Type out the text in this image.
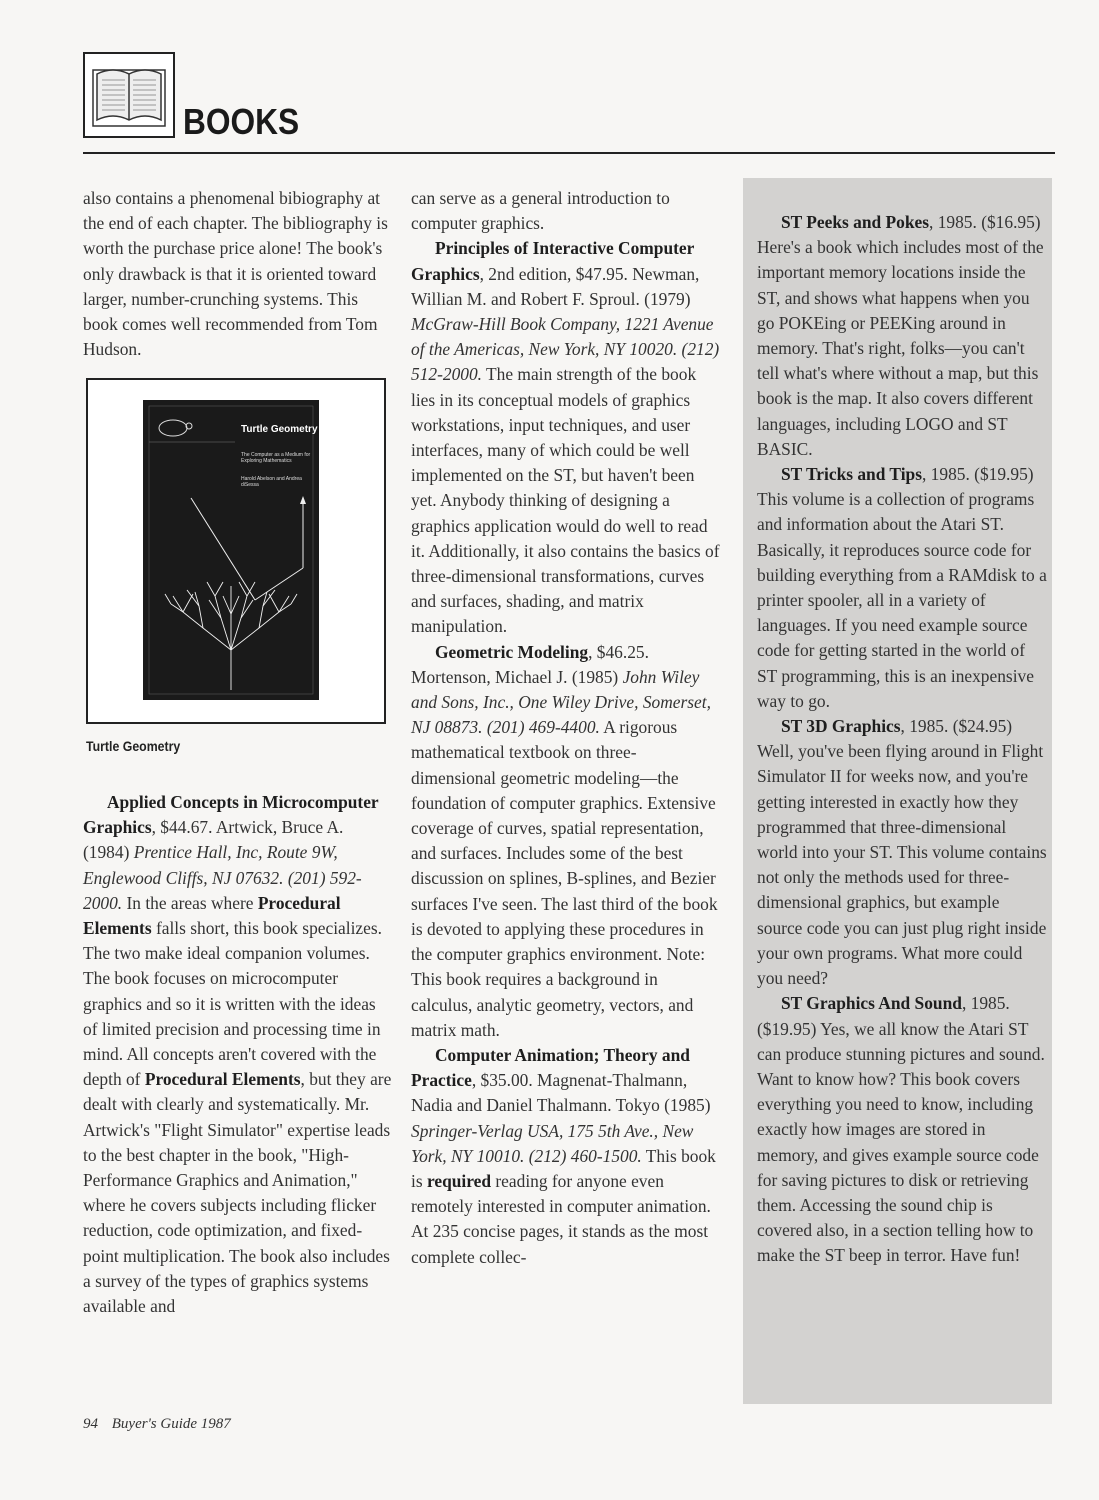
BOOKS

also contains a phenomenal bibiography at the end of each chapter. The bibliography is worth the purchase price alone! The book's only drawback is that it is oriented toward larger, number-crunching systems. This book comes well recommended from Tom Hudson.

Turtle Geometry
The Computer as a Medium for Exploring Mathematics
Harold Abelson and Andrea diSessa
Turtle Geometry

Applied Concepts in Microcomputer Graphics, $44.67. Artwick, Bruce A. (1984) Prentice Hall, Inc, Route 9W, Englewood Cliffs, NJ 07632. (201) 592-2000. In the areas where Procedural Elements falls short, this book specializes. The two make ideal companion volumes. The book focuses on microcomputer graphics and so it is written with the ideas of limited precision and processing time in mind. All concepts aren't covered with the depth of Procedural Elements, but they are dealt with clearly and systematically. Mr. Artwick's "Flight Simulator" expertise leads to the best chapter in the book, "High-Performance Graphics and Animation," where he covers subjects including flicker reduction, code optimization, and fixed-point multiplication. The book also includes a survey of the types of graphics systems available and

can serve as a general introduction to computer graphics.

Principles of Interactive Computer Graphics, 2nd edition, $47.95. Newman, Willian M. and Robert F. Sproul. (1979) McGraw-Hill Book Company, 1221 Avenue of the Americas, New York, NY 10020. (212) 512-2000. The main strength of the book lies in its conceptual models of graphics workstations, input techniques, and user interfaces, many of which could be well implemented on the ST, but haven't been yet. Anybody thinking of designing a graphics application would do well to read it. Additionally, it also contains the basics of three-dimensional transformations, curves and surfaces, shading, and matrix manipulation.

Geometric Modeling, $46.25. Mortenson, Michael J. (1985) John Wiley and Sons, Inc., One Wiley Drive, Somerset, NJ 08873. (201) 469-4400. A rigorous mathematical textbook on three-dimensional geometric modeling—the foundation of computer graphics. Extensive coverage of curves, spatial representation, and surfaces. Includes some of the best discussion on splines, B-splines, and Bezier surfaces I've seen. The last third of the book is devoted to applying these procedures in the computer graphics environment. Note: This book requires a background in calculus, analytic geometry, vectors, and matrix math.

Computer Animation; Theory and Practice, $35.00. Magnenat-Thalmann, Nadia and Daniel Thalmann. Tokyo (1985) Springer-Verlag USA, 175 5th Ave., New York, NY 10010. (212) 460-1500. This book is required reading for anyone even remotely interested in computer animation. At 235 concise pages, it stands as the most complete collec-

ST Peeks and Pokes, 1985. ($16.95) Here's a book which includes most of the important memory locations inside the ST, and shows what happens when you go POKEing or PEEKing around in memory. That's right, folks—you can't tell what's where without a map, but this book is the map. It also covers different languages, including LOGO and ST BASIC.

ST Tricks and Tips, 1985. ($19.95) This volume is a collection of programs and information about the Atari ST. Basically, it reproduces source code for building everything from a RAMdisk to a printer spooler, all in a variety of languages. If you need example source code for getting started in the world of ST programming, this is an inexpensive way to go.

ST 3D Graphics, 1985. ($24.95) Well, you've been flying around in Flight Simulator II for weeks now, and you're getting interested in exactly how they programmed that three-dimensional world into your ST. This volume contains not only the methods used for three-dimensional graphics, but example source code you can just plug right inside your own programs. What more could you need?

ST Graphics And Sound, 1985. ($19.95) Yes, we all know the Atari ST can produce stunning pictures and sound. Want to know how? This book covers everything you need to know, including exactly how images are stored in memory, and gives example source code for saving pictures to disk or retrieving them. Accessing the sound chip is covered also, in a section telling how to make the ST beep in terror. Have fun!

94 Buyer's Guide 1987
